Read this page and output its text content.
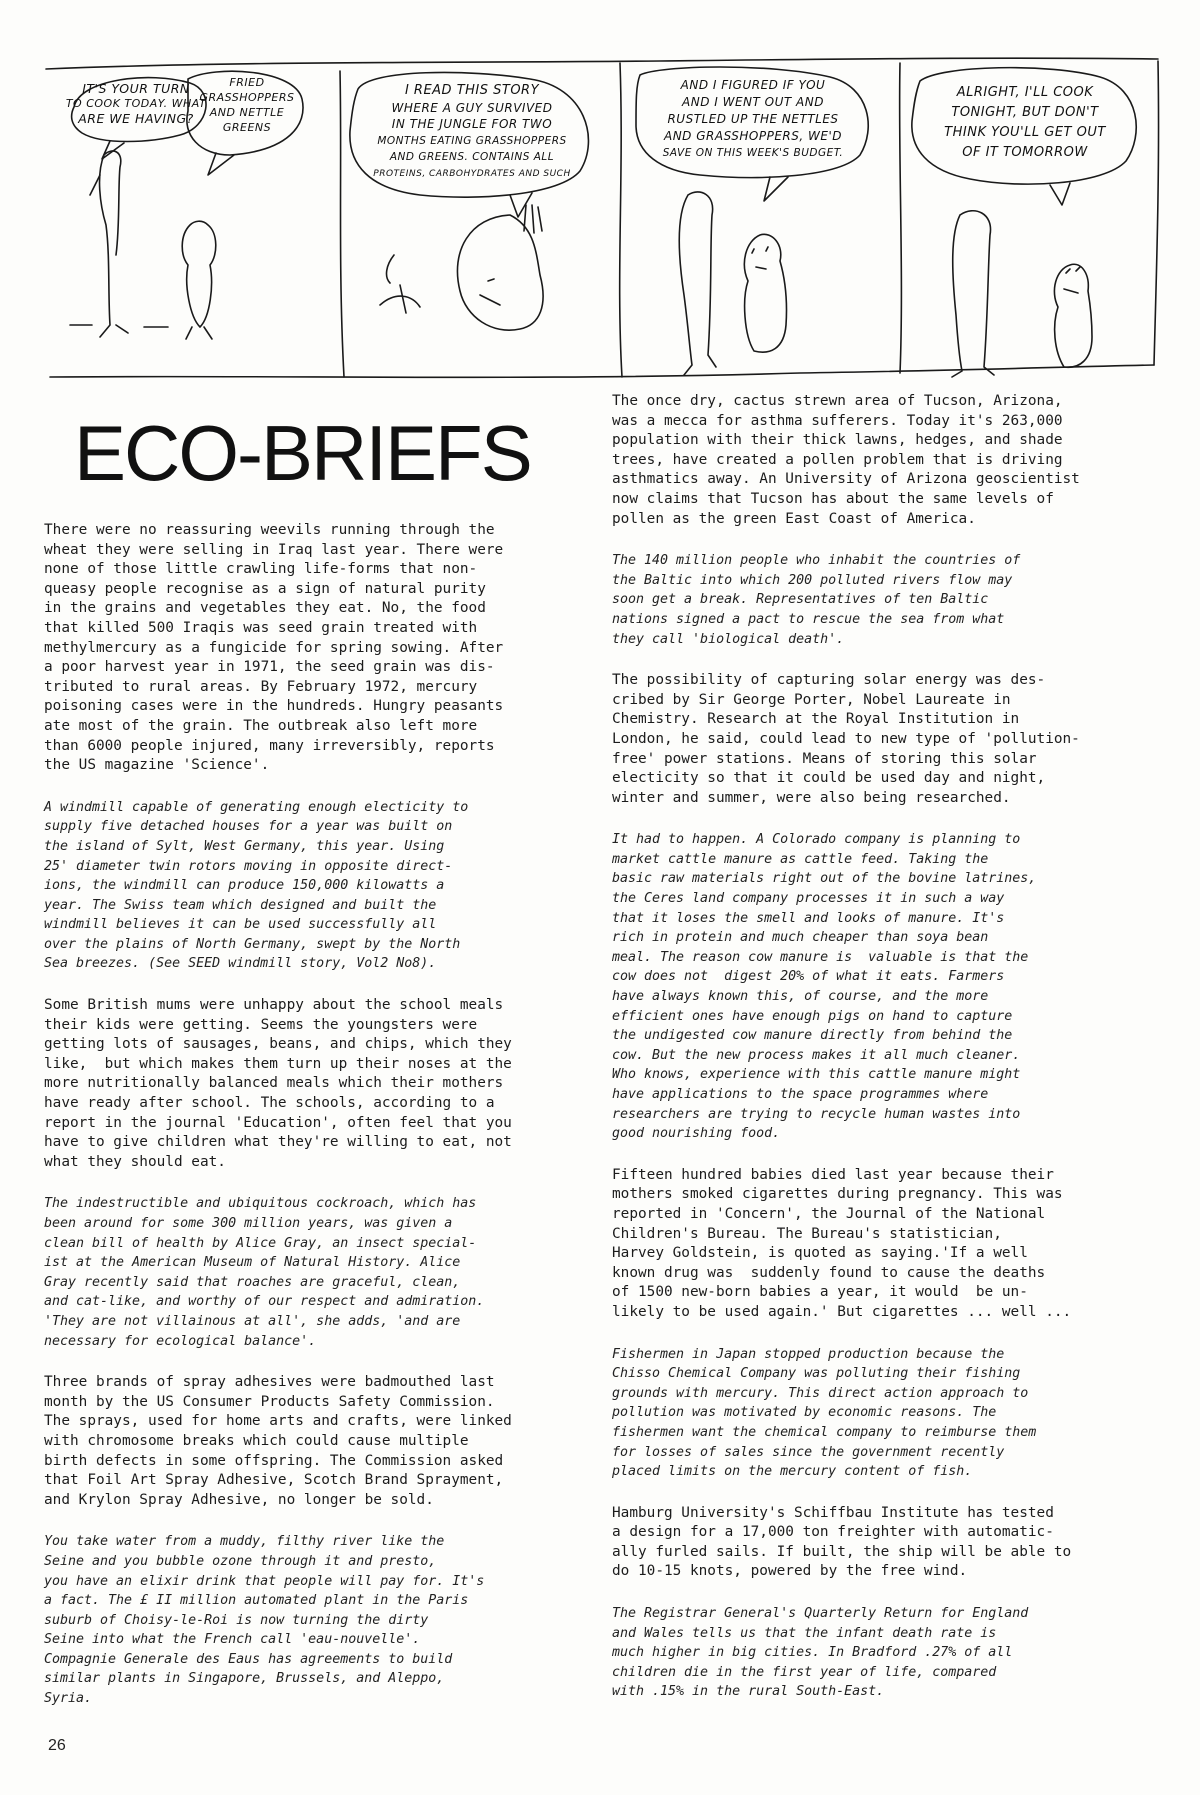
IT'S YOUR TURN
TO COOK TODAY. WHAT
ARE WE HAVING?
FRIED
GRASSHOPPERS
AND NETTLE
GREENS
I READ THIS STORY
WHERE A GUY SURVIVED
IN THE JUNGLE FOR TWO
MONTHS EATING GRASSHOPPERS
AND GREENS. CONTAINS ALL
PROTEINS, CARBOHYDRATES AND SUCH
AND I FIGURED IF YOU
AND I WENT OUT AND
RUSTLED UP THE NETTLES
AND GRASSHOPPERS, WE'D
SAVE ON THIS WEEK'S BUDGET.
ALRIGHT, I'LL COOK
TONIGHT, BUT DON'T
THINK YOU'LL GET OUT
OF IT TOMORROW
ECO-BRIEFS
There were no reassuring weevils running through the
wheat they were selling in Iraq last year. There were
none of those little crawling life-forms that non-
queasy people recognise as a sign of natural purity
in the grains and vegetables they eat. No, the food
that killed 500 Iraqis was seed grain treated with
methylmercury as a fungicide for spring sowing. After
a poor harvest year in 1971, the seed grain was dis-
tributed to rural areas. By February 1972, mercury
poisoning cases were in the hundreds. Hungry peasants
ate most of the grain. The outbreak also left more
than 6000 people injured, many irreversibly, reports
the US magazine 'Science'.
A windmill capable of generating enough electicity to
supply five detached houses for a year was built on
the island of Sylt, West Germany, this year. Using
25' diameter twin rotors moving in opposite direct-
ions, the windmill can produce 150,000 kilowatts a
year. The Swiss team which designed and built the
windmill believes it can be used successfully all
over the plains of North Germany, swept by the North
Sea breezes. (See SEED windmill story, Vol2 No8).
Some British mums were unhappy about the school meals
their kids were getting. Seems the youngsters were
getting lots of sausages, beans, and chips, which they
like,  but which makes them turn up their noses at the
more nutritionally balanced meals which their mothers
have ready after school. The schools, according to a
report in the journal 'Education', often feel that you
have to give children what they're willing to eat, not
what they should eat.
The indestructible and ubiquitous cockroach, which has
been around for some 300 million years, was given a
clean bill of health by Alice Gray, an insect special-
ist at the American Museum of Natural History. Alice
Gray recently said that roaches are graceful, clean,
and cat-like, and worthy of our respect and admiration.
'They are not villainous at all', she adds, 'and are
necessary for ecological balance'.
Three brands of spray adhesives were badmouthed last
month by the US Consumer Products Safety Commission.
The sprays, used for home arts and crafts, were linked
with chromosome breaks which could cause multiple
birth defects in some offspring. The Commission asked
that Foil Art Spray Adhesive, Scotch Brand Sprayment,
and Krylon Spray Adhesive, no longer be sold.
You take water from a muddy, filthy river like the
Seine and you bubble ozone through it and presto,
you have an elixir drink that people will pay for. It's
a fact. The £ II million automated plant in the Paris
suburb of Choisy-le-Roi is now turning the dirty
Seine into what the French call 'eau-nouvelle'.
Compagnie Generale des Eaus has agreements to build
similar plants in Singapore, Brussels, and Aleppo,
Syria.
The once dry, cactus strewn area of Tucson, Arizona,
was a mecca for asthma sufferers. Today it's 263,000
population with their thick lawns, hedges, and shade
trees, have created a pollen problem that is driving
asthmatics away. An University of Arizona geoscientist
now claims that Tucson has about the same levels of
pollen as the green East Coast of America.
The 140 million people who inhabit the countries of
the Baltic into which 200 polluted rivers flow may
soon get a break. Representatives of ten Baltic
nations signed a pact to rescue the sea from what
they call 'biological death'.
The possibility of capturing solar energy was des-
cribed by Sir George Porter, Nobel Laureate in
Chemistry. Research at the Royal Institution in
London, he said, could lead to new type of 'pollution-
free' power stations. Means of storing this solar
electicity so that it could be used day and night,
winter and summer, were also being researched.
It had to happen. A Colorado company is planning to
market cattle manure as cattle feed. Taking the
basic raw materials right out of the bovine latrines,
the Ceres land company processes it in such a way
that it loses the smell and looks of manure. It's
rich in protein and much cheaper than soya bean
meal. The reason cow manure is  valuable is that the
cow does not  digest 20% of what it eats. Farmers
have always known this, of course, and the more
efficient ones have enough pigs on hand to capture
the undigested cow manure directly from behind the
cow. But the new process makes it all much cleaner.
Who knows, experience with this cattle manure might
have applications to the space programmes where
researchers are trying to recycle human wastes into
good nourishing food.
Fifteen hundred babies died last year because their
mothers smoked cigarettes during pregnancy. This was
reported in 'Concern', the Journal of the National
Children's Bureau. The Bureau's statistician,
Harvey Goldstein, is quoted as saying.'If a well
known drug was  suddenly found to cause the deaths
of 1500 new-born babies a year, it would  be un-
likely to be used again.' But cigarettes ... well ...
Fishermen in Japan stopped production because the
Chisso Chemical Company was polluting their fishing
grounds with mercury. This direct action approach to
pollution was motivated by economic reasons. The
fishermen want the chemical company to reimburse them
for losses of sales since the government recently
placed limits on the mercury content of fish.
Hamburg University's Schiffbau Institute has tested
a design for a 17,000 ton freighter with automatic-
ally furled sails. If built, the ship will be able to
do 10-15 knots, powered by the free wind.
The Registrar General's Quarterly Return for England
and Wales tells us that the infant death rate is
much higher in big cities. In Bradford .27% of all
children die in the first year of life, compared
with .15% in the rural South-East.

26
